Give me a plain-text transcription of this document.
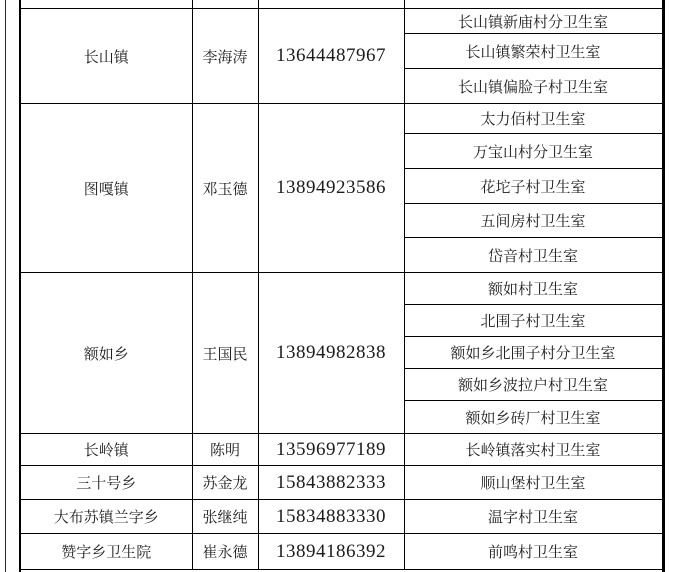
长山镇	李海涛	13644487967	长山镇新庙村分卫生室
			长山镇繁荣村卫生室
			长山镇偏脸子村卫生室
图嘎镇	邓玉德	13894923586	太力佰村卫生室
			万宝山村分卫生室
			花坨子村卫生室
			五间房村卫生室
			岱音村卫生室
额如乡	王国民	13894982838	额如村卫生室
			北围子村卫生室
			额如乡北围子村分卫生室
			额如乡波拉户村卫生室
			额如乡砖厂村卫生室
长岭镇	陈明	13596977189	长岭镇落实村卫生室
三十号乡	苏金龙	15843882333	顺山堡村卫生室
大布苏镇兰字乡	张继纯	15834883330	温字村卫生室
赞字乡卫生院	崔永德	13894186392	前鸣村卫生室
